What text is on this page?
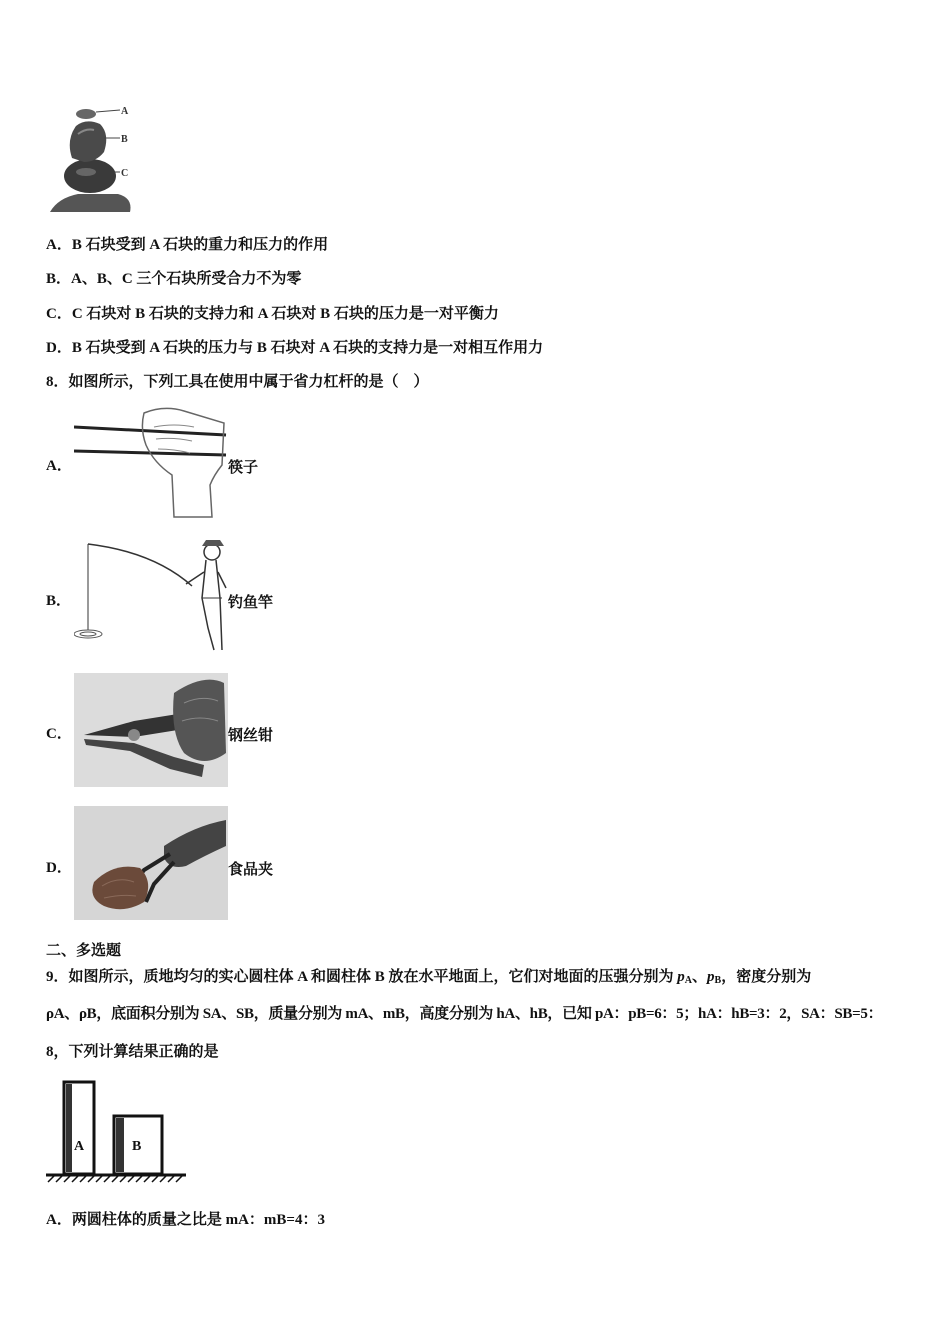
A
B
C
A．B 石块受到 A 石块的重力和压力的作用
B．A、B、C 三个石块所受合力不为零
C．C 石块对 B 石块的支持力和 A 石块对 B 石块的压力是一对平衡力
D．B 石块受到 A 石块的压力与 B 石块对 A 石块的支持力是一对相互作用力
8．如图所示，下列工具在使用中属于省力杠杆的是（　）
A．	筷子
B．	钓鱼竿
C．	钢丝钳
D．	食品夹
二、多选题
9．如图所示，质地均匀的实心圆柱体 A 和圆柱体 B 放在水平地面上，它们对地面的压强分别为 $p_A$、$p_B$，密度分别为
ρA、ρB，底面积分别为 SA、SB，质量分别为 mA、mB，高度分别为 hA、hB，已知 pA：pB=6：5；hA：hB=3：2，SA：SB=5：
8，下列计算结果正确的是
A	B
A．两圆柱体的质量之比是 mA：mB=4：3
